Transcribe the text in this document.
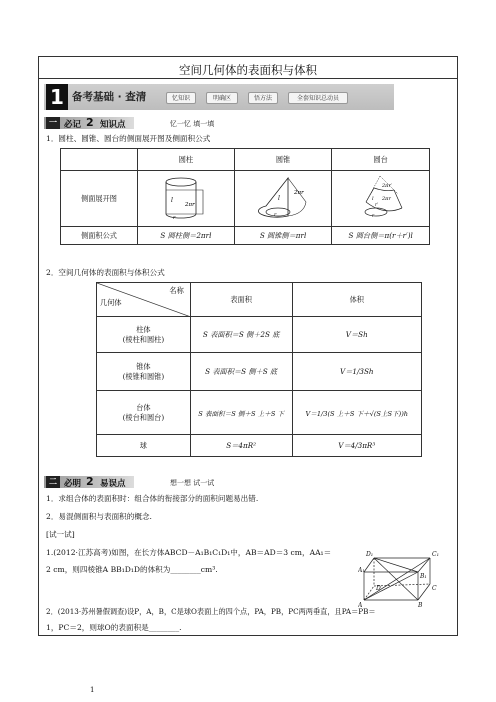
空间几何体的表面积与体积
1 备考基础 · 查清	忆知识	明确区	悟方法	全套知识总动员
一 必记 2 知识点	忆一忆 填一填
1．圆柱、圆锥、圆台的侧面展开图及侧面积公式
	圆柱	圆锥	圆台
侧面展开图	l
2πr
r	2πr
l
r	2πr′
2πr
l
r′
r

侧面积公式	S 圆柱侧＝2πrl	S 圆锥侧＝πrl	S 圆台侧＝π(r＋r′)l
2．空间几何体的表面积与体积公式
名称
几何体	表面积	体积

柱体
(棱柱和圆柱)	S 表面积＝S 侧＋2S 底	V＝Sh

锥体
(棱锥和圆锥)	S 表面积＝S 侧＋S 底	V＝1/3Sh

台体
(棱台和圆台)	S 表面积＝S 侧＋S 上＋S 下	V＝1/3(S 上＋S 下＋√(S上S下))h
球	S＝4πR²	V＝4/3πR³
二 必明 2 易误点	想一想 试一试
1．求组合体的表面积时：组合体的衔接部分的面积问题易出错.
2．易混侧面积与表面积的概念.
[试一试]
1.(2012·江苏高考)如图，在长方体ABCD－A₁B₁C₁D₁中，AB＝AD＝3 cm，AA₁＝
2 cm，则四棱锥A BB₁D₁D的体积为________cm³.
2．(2013·苏州暑假调查)设P，A，B，C是球O表面上的四个点，PA，PB，PC两两垂直，且PA＝PB＝
1，PC＝2，则球O的表面积是________.
D₁	C₁
A₁
B₁
D	C
A	B
1
